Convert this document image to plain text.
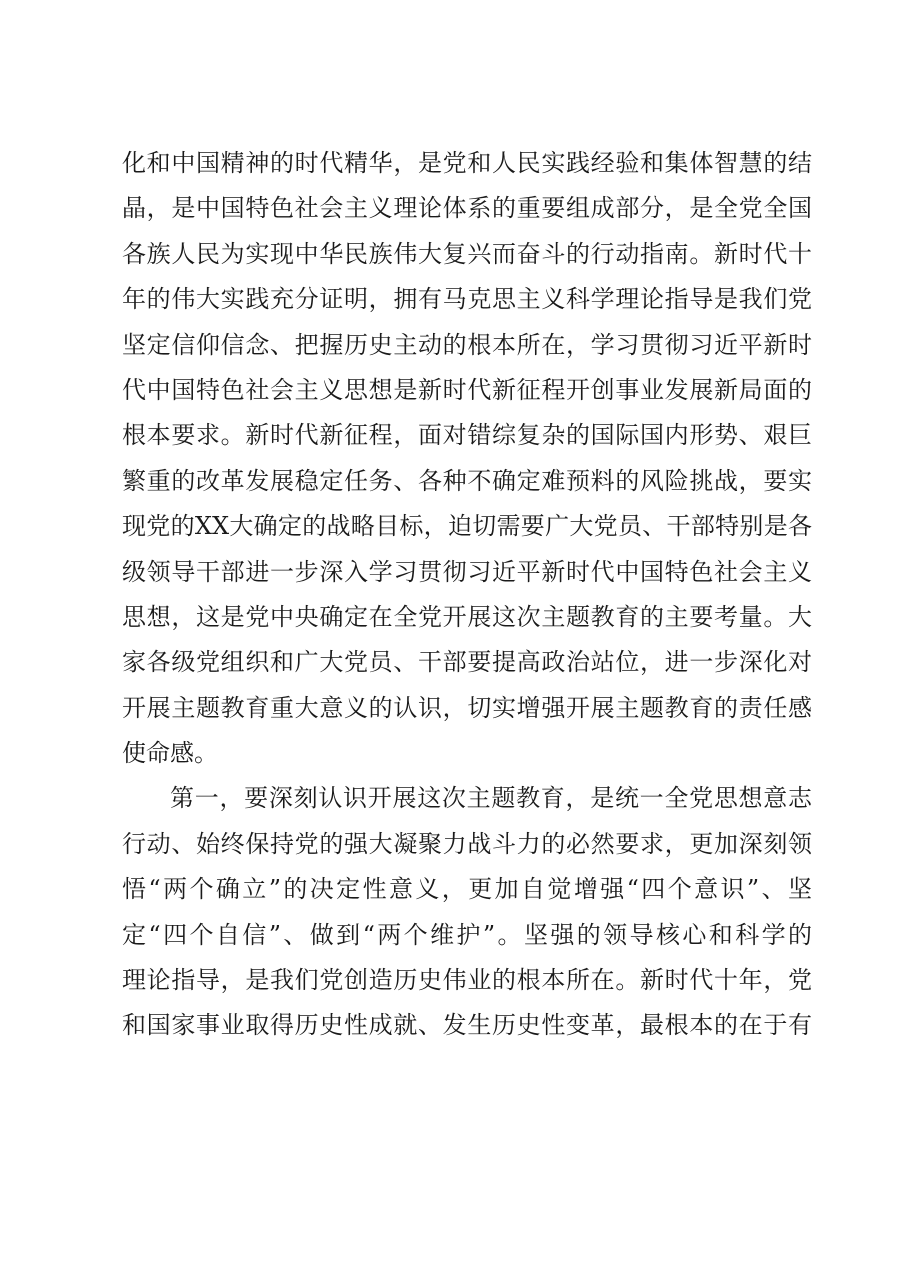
化和中国精神的时代精华，是党和人民实践经验和集体智慧的结
晶，是中国特色社会主义理论体系的重要组成部分，是全党全国
各族人民为实现中华民族伟大复兴而奋斗的行动指南。新时代十
年的伟大实践充分证明，拥有马克思主义科学理论指导是我们党
坚定信仰信念、把握历史主动的根本所在，学习贯彻习近平新时
代中国特色社会主义思想是新时代新征程开创事业发展新局面的
根本要求。新时代新征程，面对错综复杂的国际国内形势、艰巨
繁重的改革发展稳定任务、各种不确定难预料的风险挑战，要实
现党的XX大确定的战略目标，迫切需要广大党员、干部特别是各
级领导干部进一步深入学习贯彻习近平新时代中国特色社会主义
思想，这是党中央确定在全党开展这次主题教育的主要考量。大
家各级党组织和广大党员、干部要提高政治站位，进一步深化对
开展主题教育重大意义的认识，切实增强开展主题教育的责任感
使命感。
第一，要深刻认识开展这次主题教育，是统一全党思想意志
行动、始终保持党的强大凝聚力战斗力的必然要求，更加深刻领
悟“两个确立”的决定性意义，更加自觉增强“四个意识”、坚
定“四个自信”、做到“两个维护”。坚强的领导核心和科学的
理论指导，是我们党创造历史伟业的根本所在。新时代十年，党
和国家事业取得历史性成就、发生历史性变革，最根本的在于有
